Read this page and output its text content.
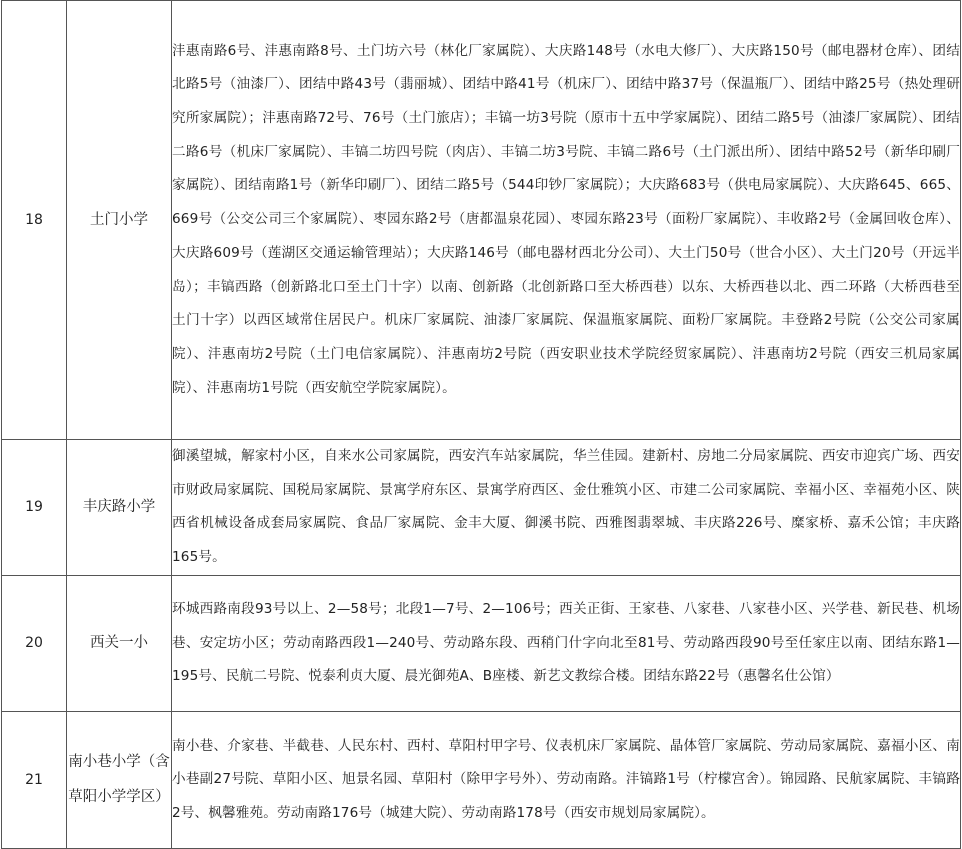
18	土门小学	沣惠南路6号、沣惠南路8号、土门坊六号（林化厂家属院）、大庆路148号（水电大修厂）、大庆路150号（邮电器材仓库）、团结北路5号（油漆厂）、团结中路43号（翡丽城）、团结中路41号（机床厂）、团结中路37号（保温瓶厂）、团结中路25号（热处理研究所家属院）；沣惠南路72号、76号（土门旅店）；丰镐一坊3号院（原市十五中学家属院）、团结二路5号（油漆厂家属院）、团结二路6号（机床厂家属院）、丰镐二坊四号院（肉店）、丰镐二坊3号院、丰镐二路6号（土门派出所）、团结中路52号（新华印刷厂家属院）、团结南路1号（新华印刷厂）、团结二路5号（544印钞厂家属院）；大庆路683号（供电局家属院）、大庆路645、665、669号（公交公司三个家属院）、枣园东路2号（唐都温泉花园）、枣园东路23号（面粉厂家属院）、丰收路2号（金属回收仓库）、大庆路609号（莲湖区交通运输管理站）；大庆路146号（邮电器材西北分公司）、大土门50号（世合小区）、大土门20号（开远半岛）；丰镐西路（创新路北口至土门十字）以南、创新路（北创新路口至大桥西巷）以东、大桥西巷以北、西二环路（大桥西巷至土门十字）以西区域常住居民户。机床厂家属院、油漆厂家属院、保温瓶家属院、面粉厂家属院。丰登路2号院（公交公司家属院）、沣惠南坊2号院（土门电信家属院）、沣惠南坊2号院（西安职业技术学院经贸家属院）、沣惠南坊2号院（西安三机局家属院）、沣惠南坊1号院（西安航空学院家属院）。
19	丰庆路小学	御溪望城，解家村小区，自来水公司家属院，西安汽车站家属院，华兰佳园。建新村、房地二分局家属院、西安市迎宾广场、西安市财政局家属院、国税局家属院、景寓学府东区、景寓学府西区、金仕雅筑小区、市建二公司家属院、幸福小区、幸福苑小区、陕西省机械设备成套局家属院、食品厂家属院、金丰大厦、御溪书院、西雅图翡翠城、丰庆路226号、糜家桥、嘉禾公馆；丰庆路165号。
20	西关一小	环城西路南段93号以上、2—58号；北段1—7号、2—106号；西关正街、王家巷、八家巷、八家巷小区、兴学巷、新民巷、机场巷、安定坊小区；劳动南路西段1—240号、劳动路东段、西稍门什字向北至81号、劳动路西段90号至任家庄以南、团结东路1—195号、民航二号院、悦泰利贞大厦、晨光御苑A、B座楼、新艺文教综合楼。团结东路22号（惠馨名仕公馆）
21	南小巷小学（含草阳小学学区）	南小巷、介家巷、半截巷、人民东村、西村、草阳村甲字号、仪表机床厂家属院、晶体管厂家属院、劳动局家属院、嘉福小区、南小巷副27号院、草阳小区、旭景名园、草阳村（除甲字号外）、劳动南路。沣镐路1号（柠檬宫舍）。锦园路、民航家属院、丰镐路2号、枫馨雅苑。劳动南路176号（城建大院）、劳动南路178号（西安市规划局家属院）。
